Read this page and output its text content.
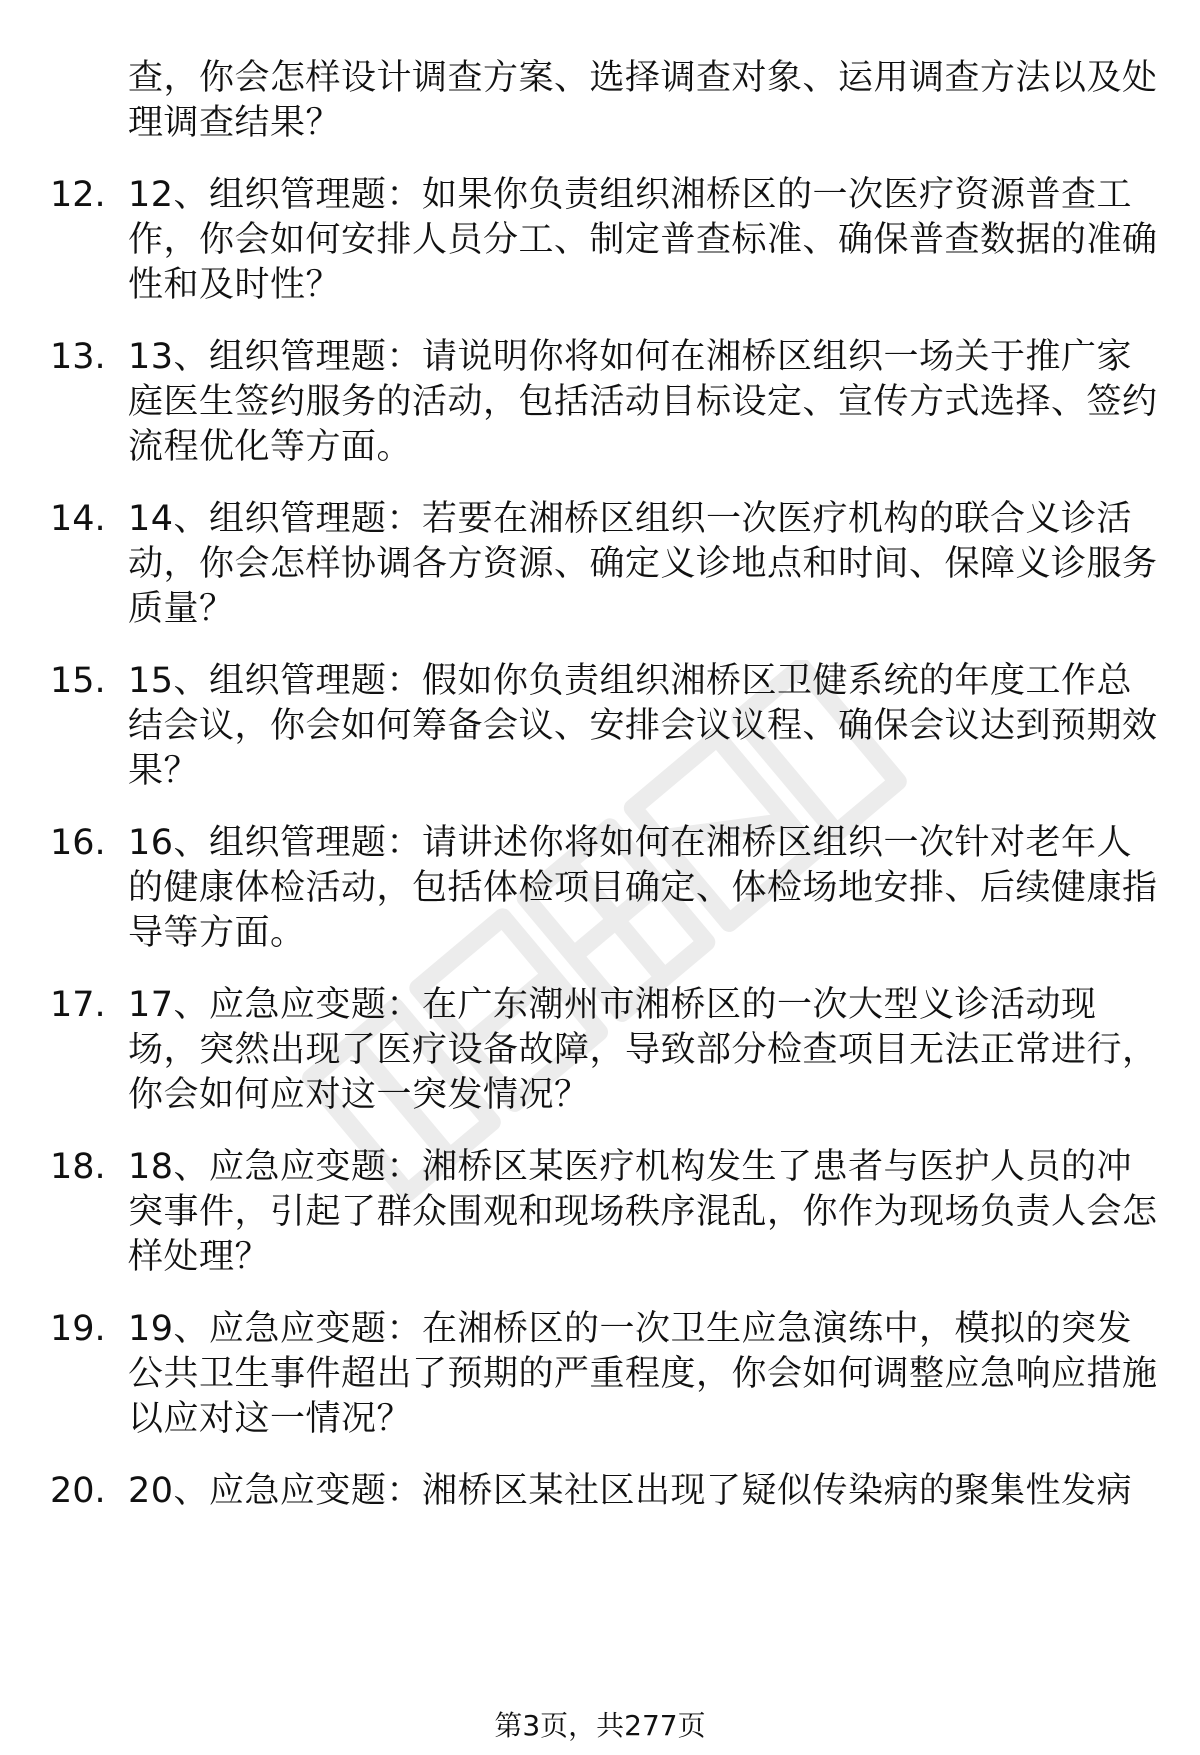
查，你会怎样设计调查方案、选择调查对象、运用调查方法以及处理调查结果？
12. 12、组织管理题：如果你负责组织湘桥区的一次医疗资源普查工作，你会如何安排人员分工、制定普查标准、确保普查数据的准确性和及时性？
13. 13、组织管理题：请说明你将如何在湘桥区组织一场关于推广家庭医生签约服务的活动，包括活动目标设定、宣传方式选择、签约流程优化等方面。
14. 14、组织管理题：若要在湘桥区组织一次医疗机构的联合义诊活动，你会怎样协调各方资源、确定义诊地点和时间、保障义诊服务质量？
15. 15、组织管理题：假如你负责组织湘桥区卫健系统的年度工作总结会议，你会如何筹备会议、安排会议议程、确保会议达到预期效果？
16. 16、组织管理题：请讲述你将如何在湘桥区组织一次针对老年人的健康体检活动，包括体检项目确定、体检场地安排、后续健康指导等方面。
17. 17、应急应变题：在广东潮州市湘桥区的一次大型义诊活动现场，突然出现了医疗设备故障，导致部分检查项目无法正常进行，你会如何应对这一突发情况？
18. 18、应急应变题：湘桥区某医疗机构发生了患者与医护人员的冲突事件，引起了群众围观和现场秩序混乱，你作为现场负责人会怎样处理？
19. 19、应急应变题：在湘桥区的一次卫生应急演练中，模拟的突发公共卫生事件超出了预期的严重程度，你会如何调整应急响应措施以应对这一情况？
20. 20、应急应变题：湘桥区某社区出现了疑似传染病的聚集性发病
第3页，共277页
